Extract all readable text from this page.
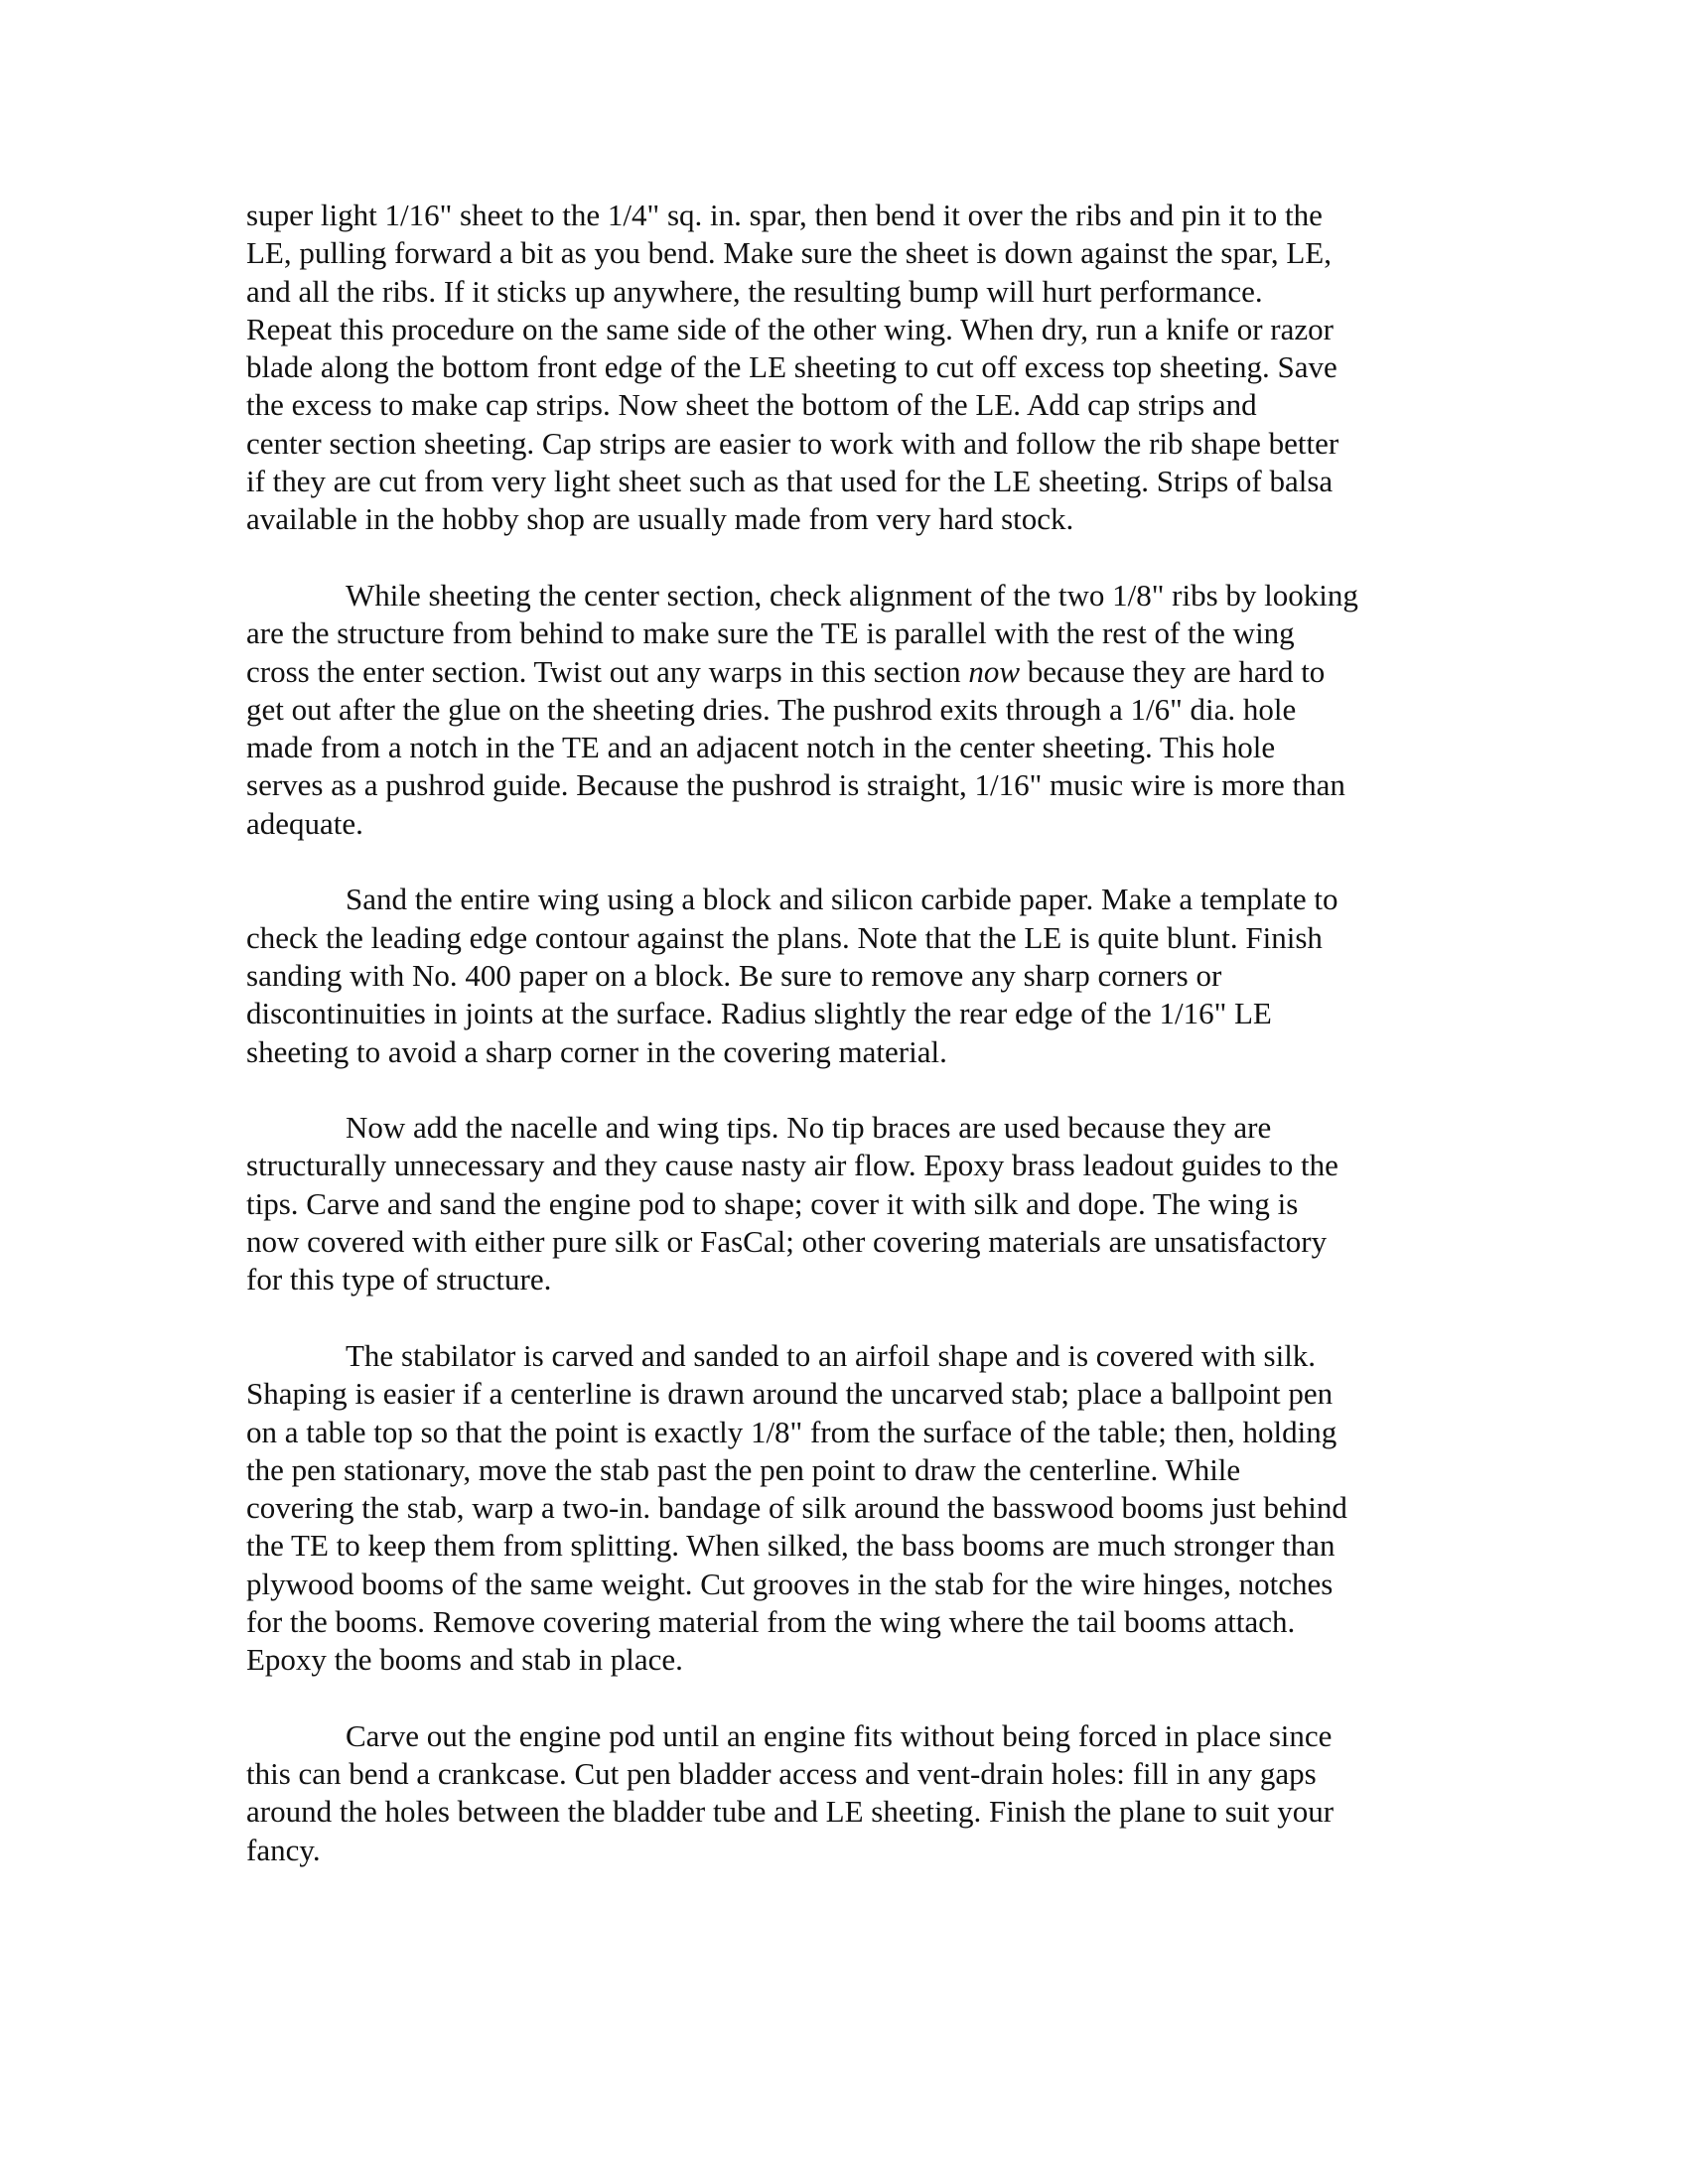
super light 1/16" sheet to the 1/4" sq. in. spar, then bend it over the ribs and pin it to the
LE, pulling forward a bit as you bend. Make sure the sheet is down against the spar, LE,
and all the ribs. If it sticks up anywhere, the resulting bump will hurt performance.
Repeat this procedure on the same side of the other wing. When dry, run a knife or razor
blade along the bottom front edge of the LE sheeting to cut off excess top sheeting. Save
the excess to make cap strips. Now sheet the bottom of the LE. Add cap strips and
center section sheeting. Cap strips are easier to work with and follow the rib shape better
if they are cut from very light sheet such as that used for the LE sheeting. Strips of balsa
available in the hobby shop are usually made from very hard stock.

While sheeting the center section, check alignment of the two 1/8" ribs by looking
are the structure from behind to make sure the TE is parallel with the rest of the wing
cross the enter section. Twist out any warps in this section now because they are hard to
get out after the glue on the sheeting dries. The pushrod exits through a 1/6" dia. hole
made from a notch in the TE and an adjacent notch in the center sheeting. This hole
serves as a pushrod guide. Because the pushrod is straight, 1/16" music wire is more than
adequate.

Sand the entire wing using a block and silicon carbide paper. Make a template to
check the leading edge contour against the plans. Note that the LE is quite blunt. Finish
sanding with No. 400 paper on a block. Be sure to remove any sharp corners or
discontinuities in joints at the surface. Radius slightly the rear edge of the 1/16" LE
sheeting to avoid a sharp corner in the covering material.

Now add the nacelle and wing tips. No tip braces are used because they are
structurally unnecessary and they cause nasty air flow. Epoxy brass leadout guides to the
tips. Carve and sand the engine pod to shape; cover it with silk and dope. The wing is
now covered with either pure silk or FasCal; other covering materials are unsatisfactory
for this type of structure.

The stabilator is carved and sanded to an airfoil shape and is covered with silk.
Shaping is easier if a centerline is drawn around the uncarved stab; place a ballpoint pen
on a table top so that the point is exactly 1/8" from the surface of the table; then, holding
the pen stationary, move the stab past the pen point to draw the centerline. While
covering the stab, warp a two-in. bandage of silk around the basswood booms just behind
the TE to keep them from splitting. When silked, the bass booms are much stronger than
plywood booms of the same weight. Cut grooves in the stab for the wire hinges, notches
for the booms. Remove covering material from the wing where the tail booms attach.
Epoxy the booms and stab in place.

Carve out the engine pod until an engine fits without being forced in place since
this can bend a crankcase. Cut pen bladder access and vent-drain holes: fill in any gaps
around the holes between the bladder tube and LE sheeting. Finish the plane to suit your
fancy.
